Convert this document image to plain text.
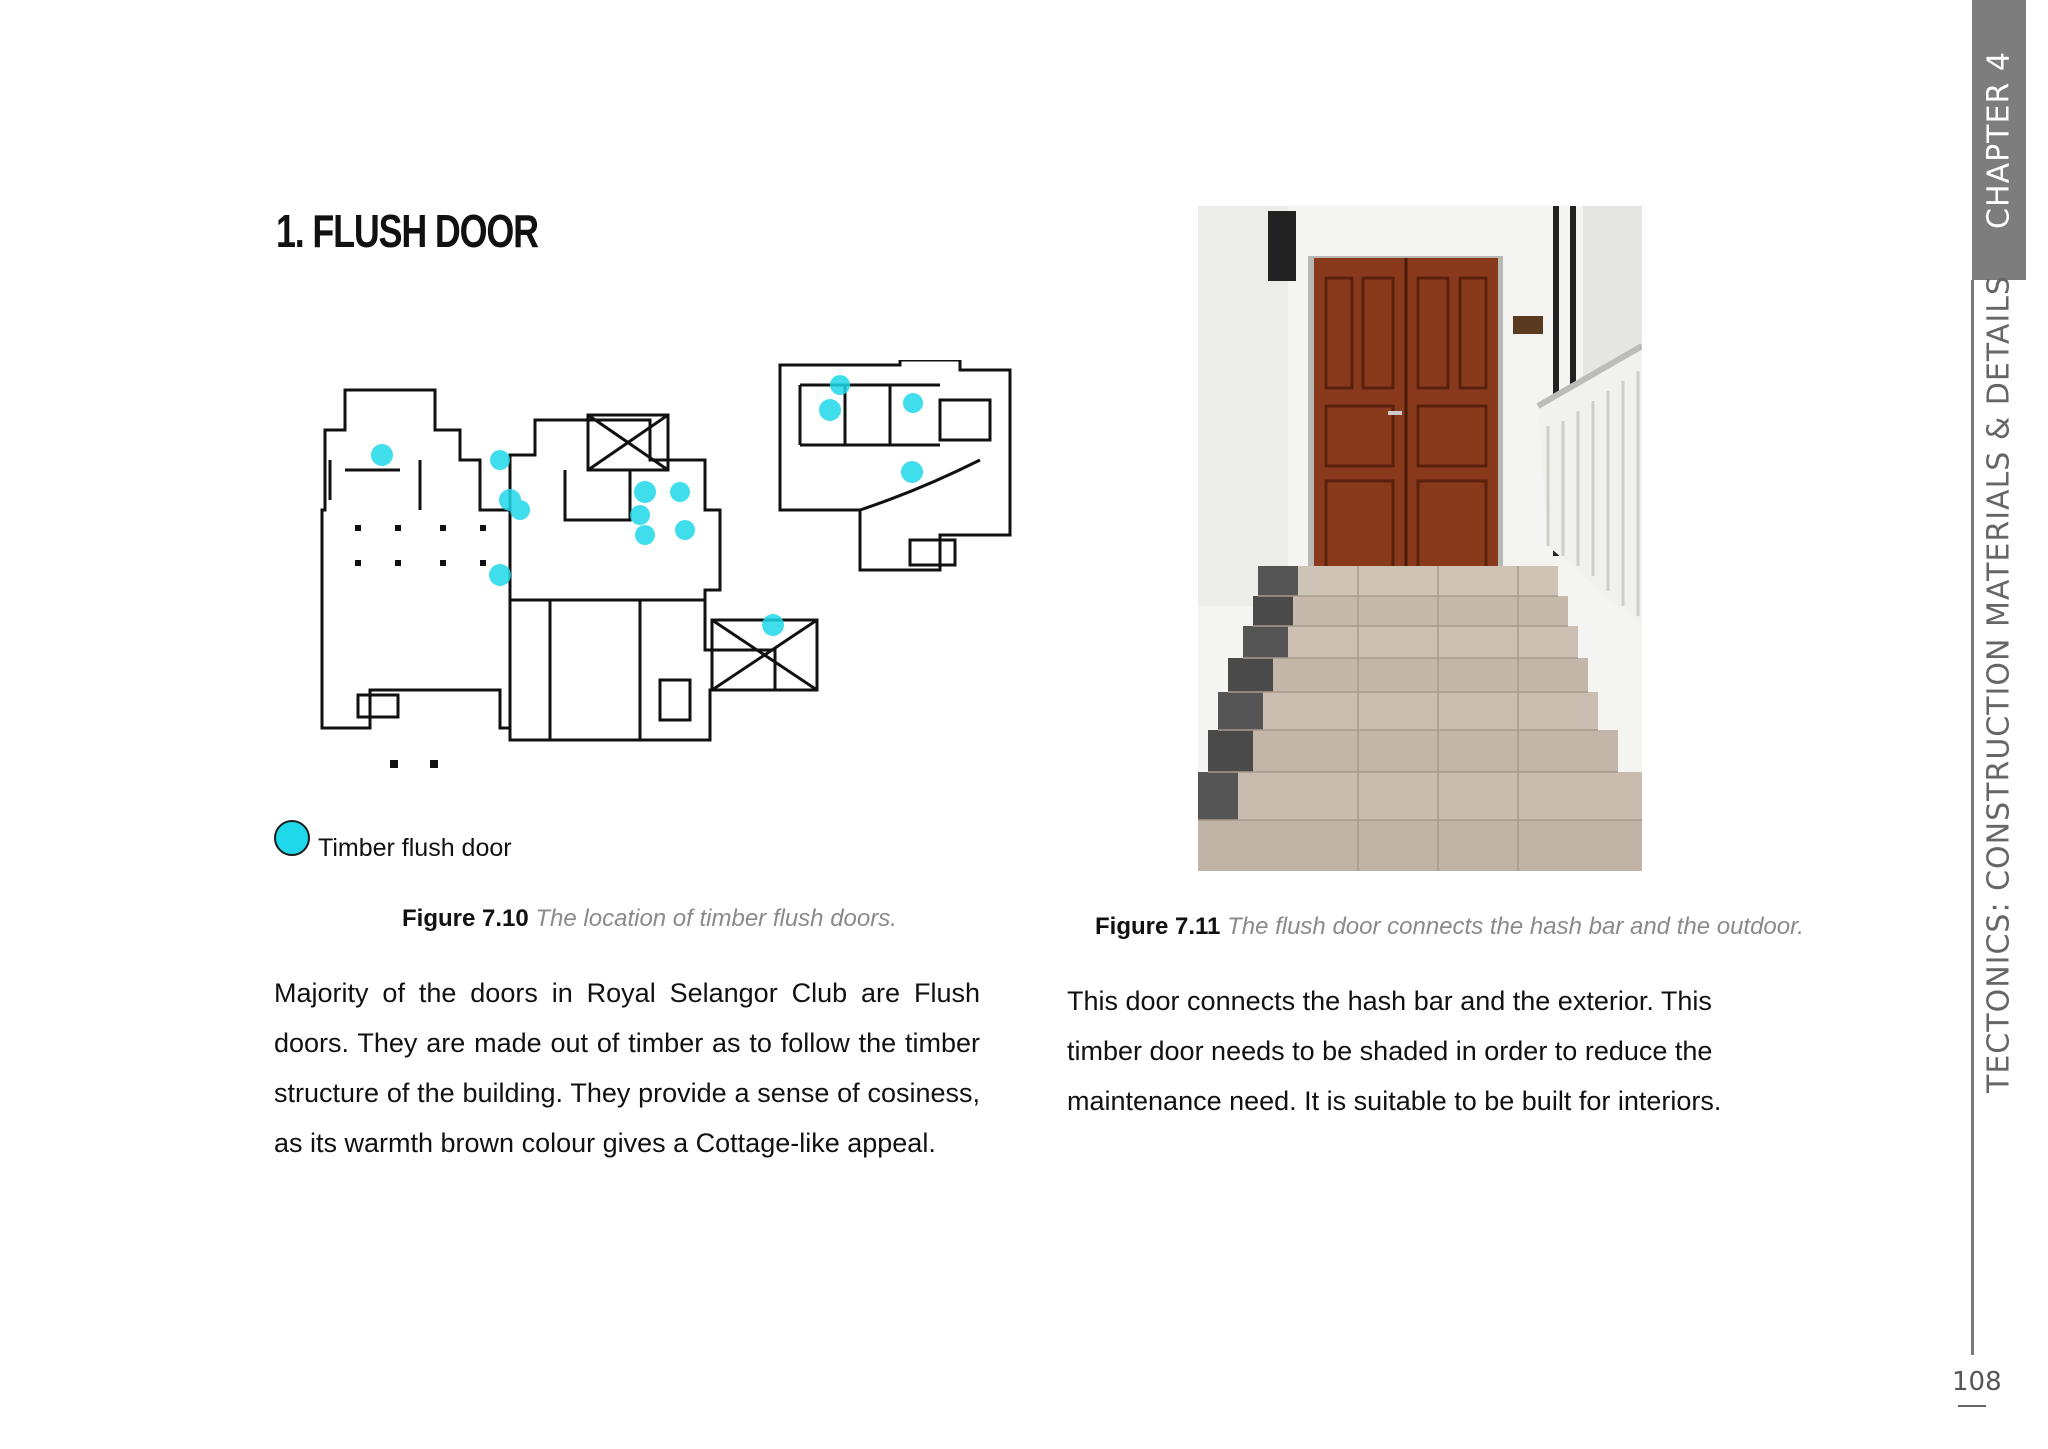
1. FLUSH DOOR
Timber flush door
Figure 7.10 The location of timber flush doors.
Majority of the doors in Royal Selangor Club are Flush doors. They are made out of timber as to follow the timber structure of the building. They provide a sense of cosiness, as its warmth brown colour gives a Cottage-like appeal.
Figure 7.11 The flush door connects the hash bar and the outdoor.
This door connects the hash bar and the exterior. This timber door needs to be shaded in order to reduce the maintenance need. It is suitable to be built for interiors.
CHAPTER 4
TECTONICS: CONSTRUCTION MATERIALS & DETAILS
108
